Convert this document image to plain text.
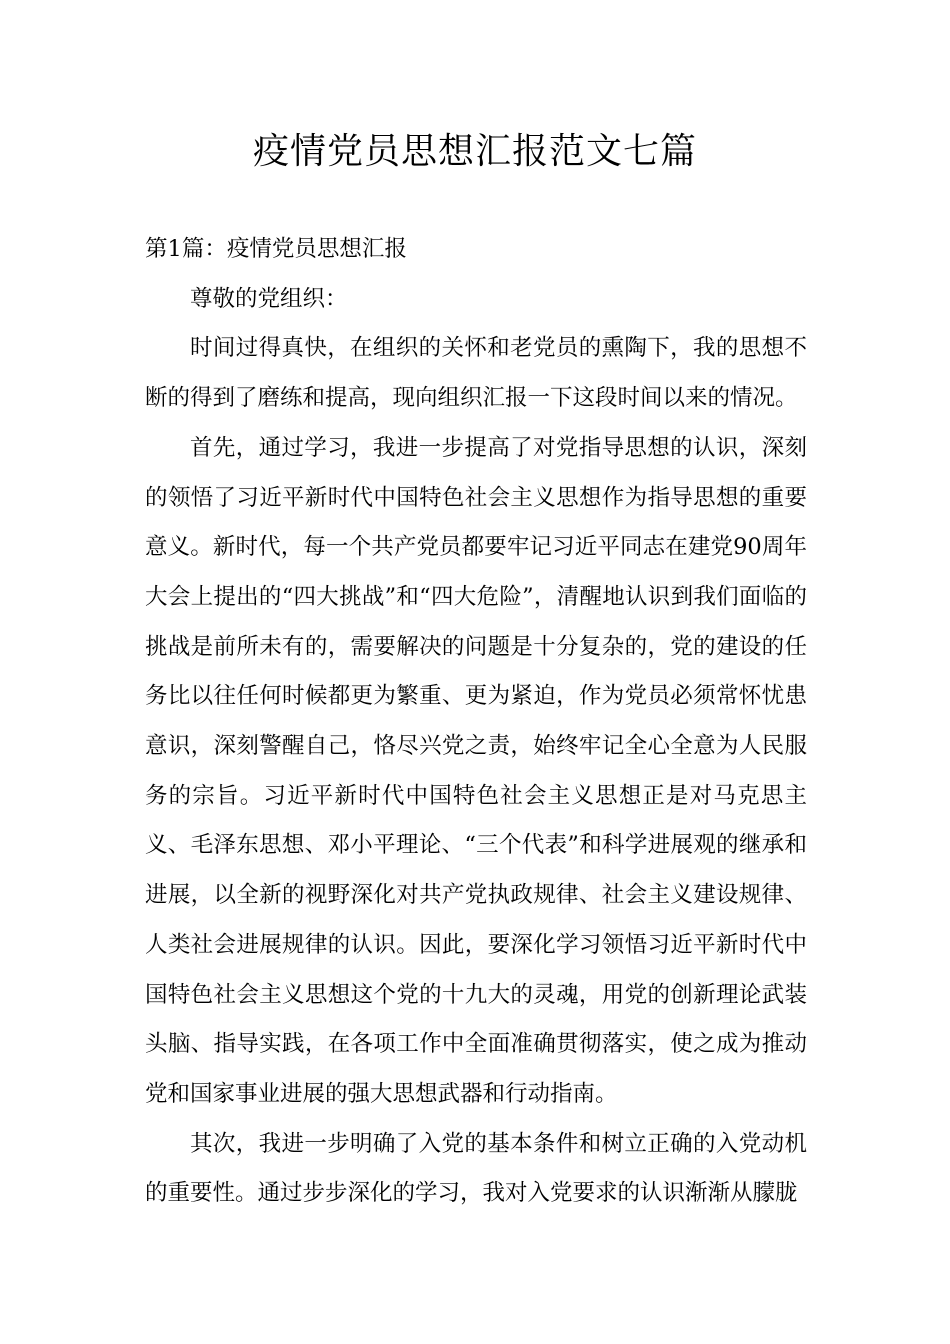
疫情党员思想汇报范文七篇

第1篇：疫情党员思想汇报

尊敬的党组织：

时间过得真快，在组织的关怀和老党员的熏陶下，我的思想不断的得到了磨练和提高，现向组织汇报一下这段时间以来的情况。

首先，通过学习，我进一步提高了对党指导思想的认识，深刻的领悟了习近平新时代中国特色社会主义思想作为指导思想的重要意义。新时代，每一个共产党员都要牢记习近平同志在建党90周年大会上提出的“四大挑战”和“四大危险”，清醒地认识到我们面临的挑战是前所未有的，需要解决的问题是十分复杂的，党的建设的任务比以往任何时候都更为繁重、更为紧迫，作为党员必须常怀忧患意识，深刻警醒自己，恪尽兴党之责，始终牢记全心全意为人民服务的宗旨。习近平新时代中国特色社会主义思想正是对马克思主义、毛泽东思想、邓小平理论、“三个代表”和科学进展观的继承和进展，以全新的视野深化对共产党执政规律、社会主义建设规律、人类社会进展规律的认识。因此，要深化学习领悟习近平新时代中国特色社会主义思想这个党的十九大的灵魂，用党的创新理论武装头脑、指导实践，在各项工作中全面准确贯彻落实，使之成为推动党和国家事业进展的强大思想武器和行动指南。

其次，我进一步明确了入党的基本条件和树立正确的入党动机的重要性。通过步步深化的学习，我对入党要求的认识渐渐从朦胧
